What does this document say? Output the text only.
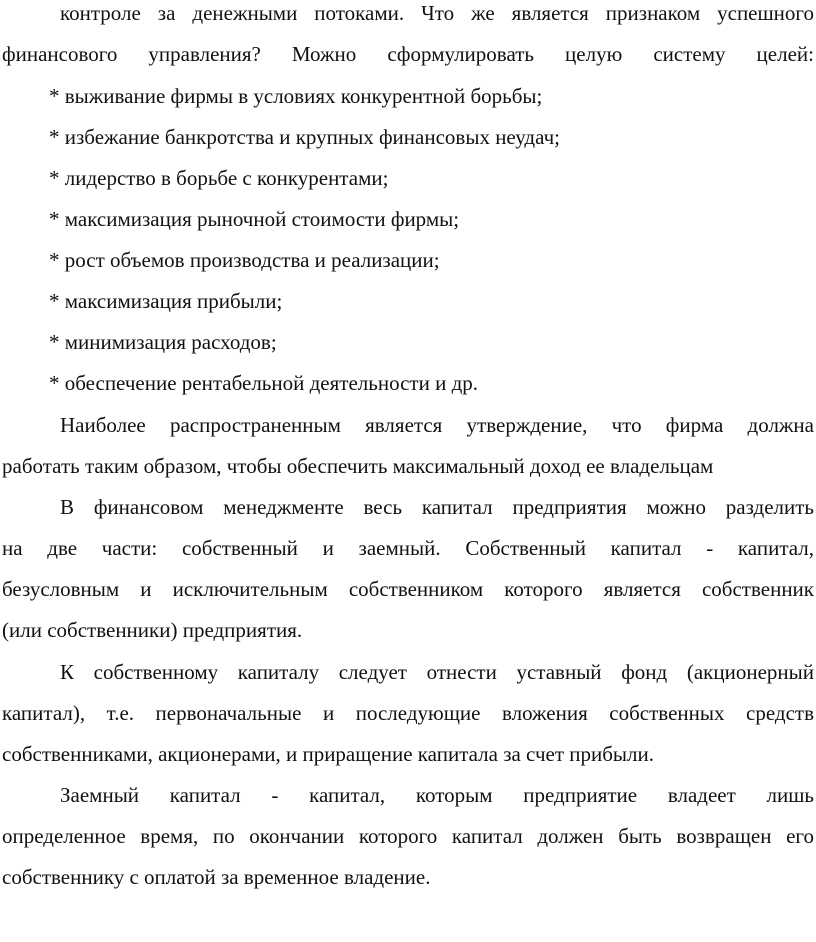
контроле за денежными потоками. Что же является признаком успешного
финансового управления? Можно сформулировать целую систему целей:
* выживание фирмы в условиях конкурентной борьбы;
* избежание банкротства и крупных финансовых неудач;
* лидерство в борьбе с конкурентами;
* максимизация рыночной стоимости фирмы;
* рост объемов производства и реализации;
* максимизация прибыли;
* минимизация расходов;
* обеспечение рентабельной деятельности и др.
Наиболее распространенным является утверждение, что фирма должна
работать таким образом, чтобы обеспечить максимальный доход ее владельцам
В финансовом менеджменте весь капитал предприятия можно разделить
на две части: собственный и заемный. Собственный капитал - капитал,
безусловным и исключительным собственником которого является собственник
(или собственники) предприятия.
К собственному капиталу следует отнести уставный фонд (акционерный
капитал), т.е. первоначальные и последующие вложения собственных средств
собственниками, акционерами, и приращение капитала за счет прибыли.
Заемный капитал - капитал, которым предприятие владеет лишь
определенное время, по окончании которого капитал должен быть возвращен его
собственнику с оплатой за временное владение.
